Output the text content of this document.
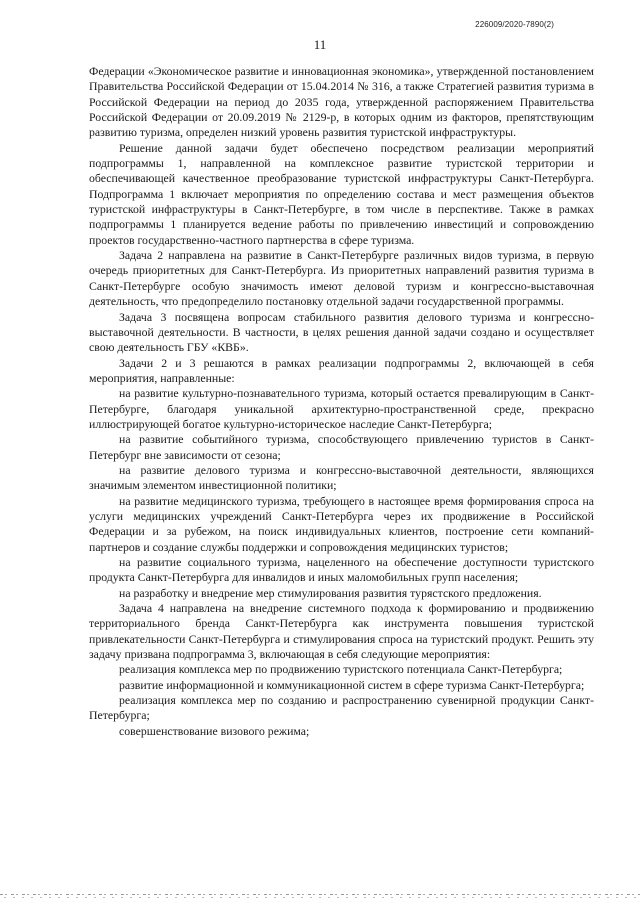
226009/2020-7890(2)
11

Федерации «Экономическое развитие и инновационная экономика», утвержденной постановлением Правительства Российской Федерации от 15.04.2014 № 316, а также Стратегией развития туризма в Российской Федерации на период до 2035 года, утвержденной распоряжением Правительства Российской Федерации от 20.09.2019 № 2129-р, в которых одним из факторов, препятствующим развитию туризма, определен низкий уровень развития туристской инфраструктуры.

Решение данной задачи будет обеспечено посредством реализации мероприятий подпрограммы 1, направленной на комплексное развитие туристской территории и обеспечивающей качественное преобразование туристской инфраструктуры Санкт-Петербурга. Подпрограмма 1 включает мероприятия по определению состава и мест размещения объектов туристской инфраструктуры в Санкт-Петербурге, в том числе в перспективе. Также в рамках подпрограммы 1 планируется ведение работы по привлечению инвестиций и сопровождению проектов государственно-частного партнерства в сфере туризма.

Задача 2 направлена на развитие в Санкт-Петербурге различных видов туризма, в первую очередь приоритетных для Санкт-Петербурга. Из приоритетных направлений развития туризма в Санкт-Петербурге особую значимость имеют деловой туризм и конгрессно-выставочная деятельность, что предопределило постановку отдельной задачи государственной программы.

Задача 3 посвящена вопросам стабильного развития делового туризма и конгрессно-выставочной деятельности. В частности, в целях решения данной задачи создано и осуществляет свою деятельность ГБУ «КВБ».

Задачи 2 и 3 решаются в рамках реализации подпрограммы 2, включающей в себя мероприятия, направленные:

на развитие культурно-познавательного туризма, который остается превалирующим в Санкт-Петербурге, благодаря уникальной архитектурно-пространственной среде, прекрасно иллюстрирующей богатое культурно-историческое наследие Санкт-Петербурга;

на развитие событийного туризма, способствующего привлечению туристов в Санкт-Петербург вне зависимости от сезона;

на развитие делового туризма и конгрессно-выставочной деятельности, являющихся значимым элементом инвестиционной политики;

на развитие медицинского туризма, требующего в настоящее время формирования спроса на услуги медицинских учреждений Санкт-Петербурга через их продвижение в Российской Федерации и за рубежом, на поиск индивидуальных клиентов, построение сети компаний-партнеров и создание службы поддержки и сопровождения медицинских туристов;

на развитие социального туризма, нацеленного на обеспечение доступности туристского продукта Санкт-Петербурга для инвалидов и иных маломобильных групп населения;

на разработку и внедрение мер стимулирования развития турястского предложения.

Задача 4 направлена на внедрение системного подхода к формированию и продвижению территориального бренда Санкт-Петербурга как инструмента повышения туристской привлекательности Санкт-Петербурга и стимулирования спроса на туристский продукт. Решить эту задачу призвана подпрограмма 3, включающая в себя следующие мероприятия:

реализация комплекса мер по продвижению туристского потенциала Санкт-Петербурга;

развитие информационной и коммуникационной систем в сфере туризма Санкт-Петербурга;

реализация комплекса мер по созданию и распространению сувенирной продукции Санкт-Петербурга;

совершенствование визового режима;
